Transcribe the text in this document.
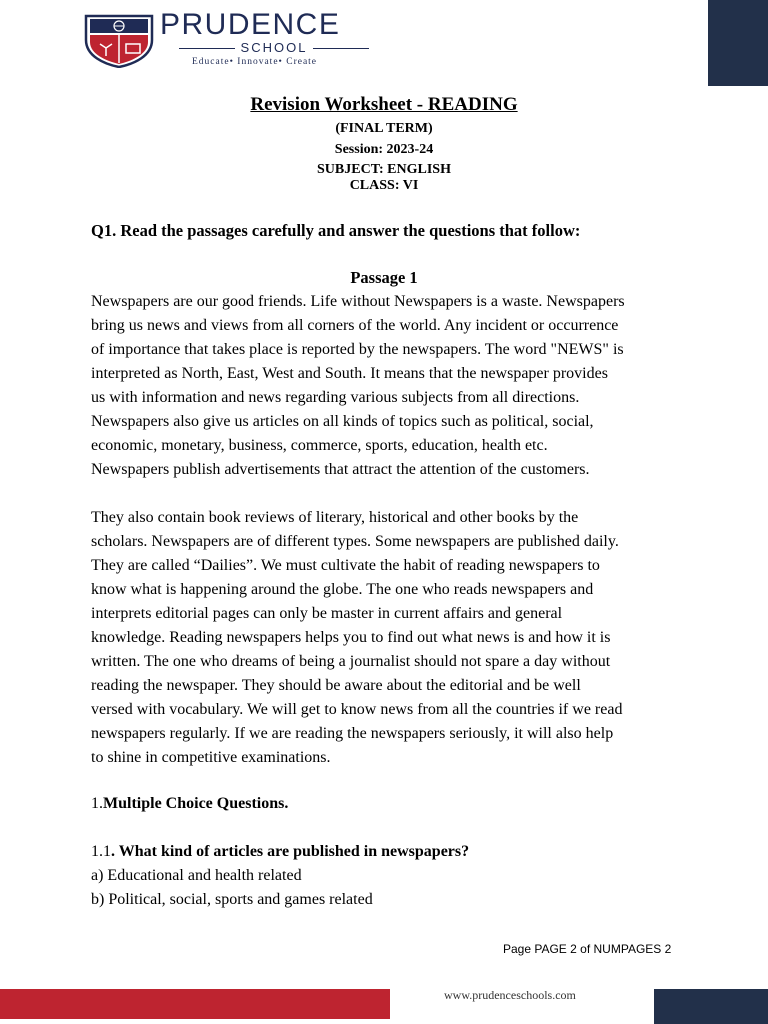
PRUDENCE
SCHOOL
Educate• Innovate• Create
Revision Worksheet - READING
(FINAL TERM)
Session: 2023-24
SUBJECT: ENGLISH
CLASS: VI
Q1. Read the passages carefully and answer the questions that follow:
Passage 1
Newspapers are our good friends. Life without Newspapers is a waste. Newspapers
bring us news and views from all corners of the world. Any incident or occurrence
of importance that takes place is reported by the newspapers. The word "NEWS" is
interpreted as North, East, West and South. It means that the newspaper provides
us with information and news regarding various subjects from all directions.
Newspapers also give us articles on all kinds of topics such as political, social,
economic, monetary, business, commerce, sports, education, health etc.
Newspapers publish advertisements that attract the attention of the customers.
They also contain book reviews of literary, historical and other books by the
scholars. Newspapers are of different types. Some newspapers are published daily.
They are called “Dailies”. We must cultivate the habit of reading newspapers to
know what is happening around the globe. The one who reads newspapers and
interprets editorial pages can only be master in current affairs and general
knowledge. Reading newspapers helps you to find out what news is and how it is
written. The one who dreams of being a journalist should not spare a day without
reading the newspaper. They should be aware about the editorial and be well
versed with vocabulary. We will get to know news from all the countries if we read
newspapers regularly. If we are reading the newspapers seriously, it will also help
to shine in competitive examinations.
1.Multiple Choice Questions.
1.1. What kind of articles are published in newspapers?
a) Educational and health related
b) Political, social, sports and games related
Page PAGE 2 of NUMPAGES 2
www.prudenceschools.com
